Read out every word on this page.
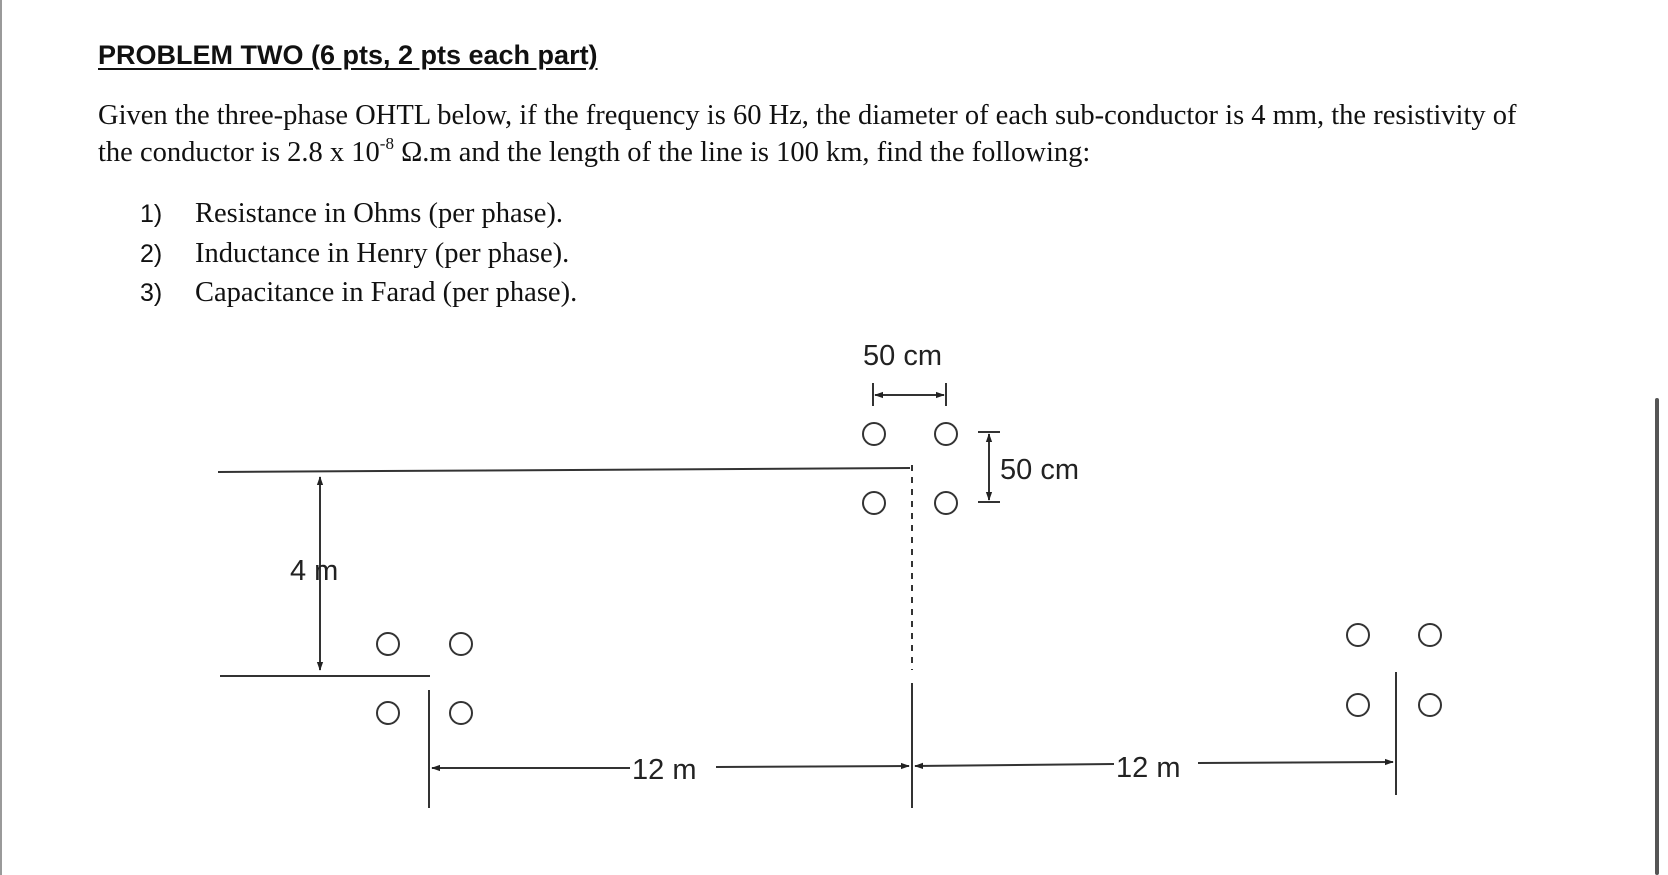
PROBLEM TWO (6 pts, 2 pts each part)

Given the three-phase OHTL below, if the frequency is 60 Hz, the diameter of each sub-conductor is 4 mm, the resistivity of
the conductor is 2.8 x $10^{-8}$ Ω.m and the length of the line is 100 km, find the following:

1) Resistance in Ohms (per phase).
2) Inductance in Henry (per phase).
3) Capacitance in Farad (per phase).
50 cm
50 cm
4 m
12 m	12 m
